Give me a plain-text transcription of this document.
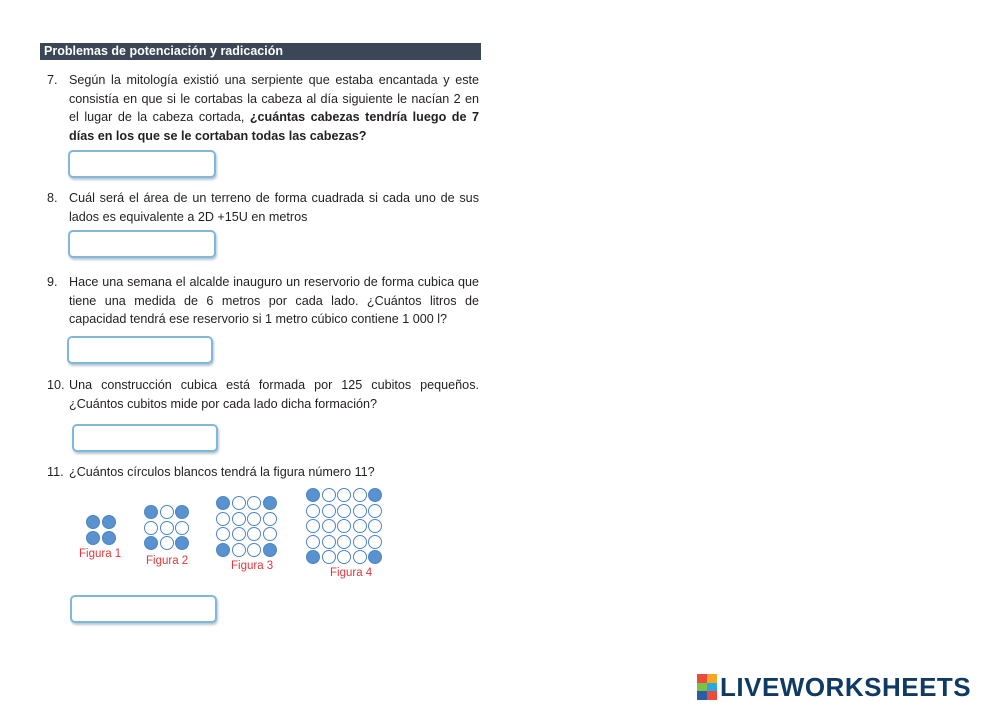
Problemas de potenciación y radicación
7. Según la mitología existió una serpiente que estaba encantada y este consistía en que si le cortabas la cabeza al día siguiente le nacían 2 en el lugar de la cabeza cortada, ¿cuántas cabezas tendría luego de 7 días en los que se le cortaban todas las cabezas?
8. Cuál será el área de un terreno de forma cuadrada si cada uno de sus lados es equivalente a 2D +15U en metros
9. Hace una semana el alcalde inauguro un reservorio de forma cubica que tiene una medida de 6 metros por cada lado. ¿Cuántos litros de capacidad tendrá ese reservorio si 1 metro cúbico contiene 1 000 l?
10. Una construcción cubica está formada por 125 cubitos pequeños. ¿Cuántos cubitos mide por cada lado dicha formación?
11. ¿Cuántos círculos blancos tendrá la figura número 11?
Figura 1
Figura 2	Figura 3
Figura 4
LIVEWORKSHEETS
